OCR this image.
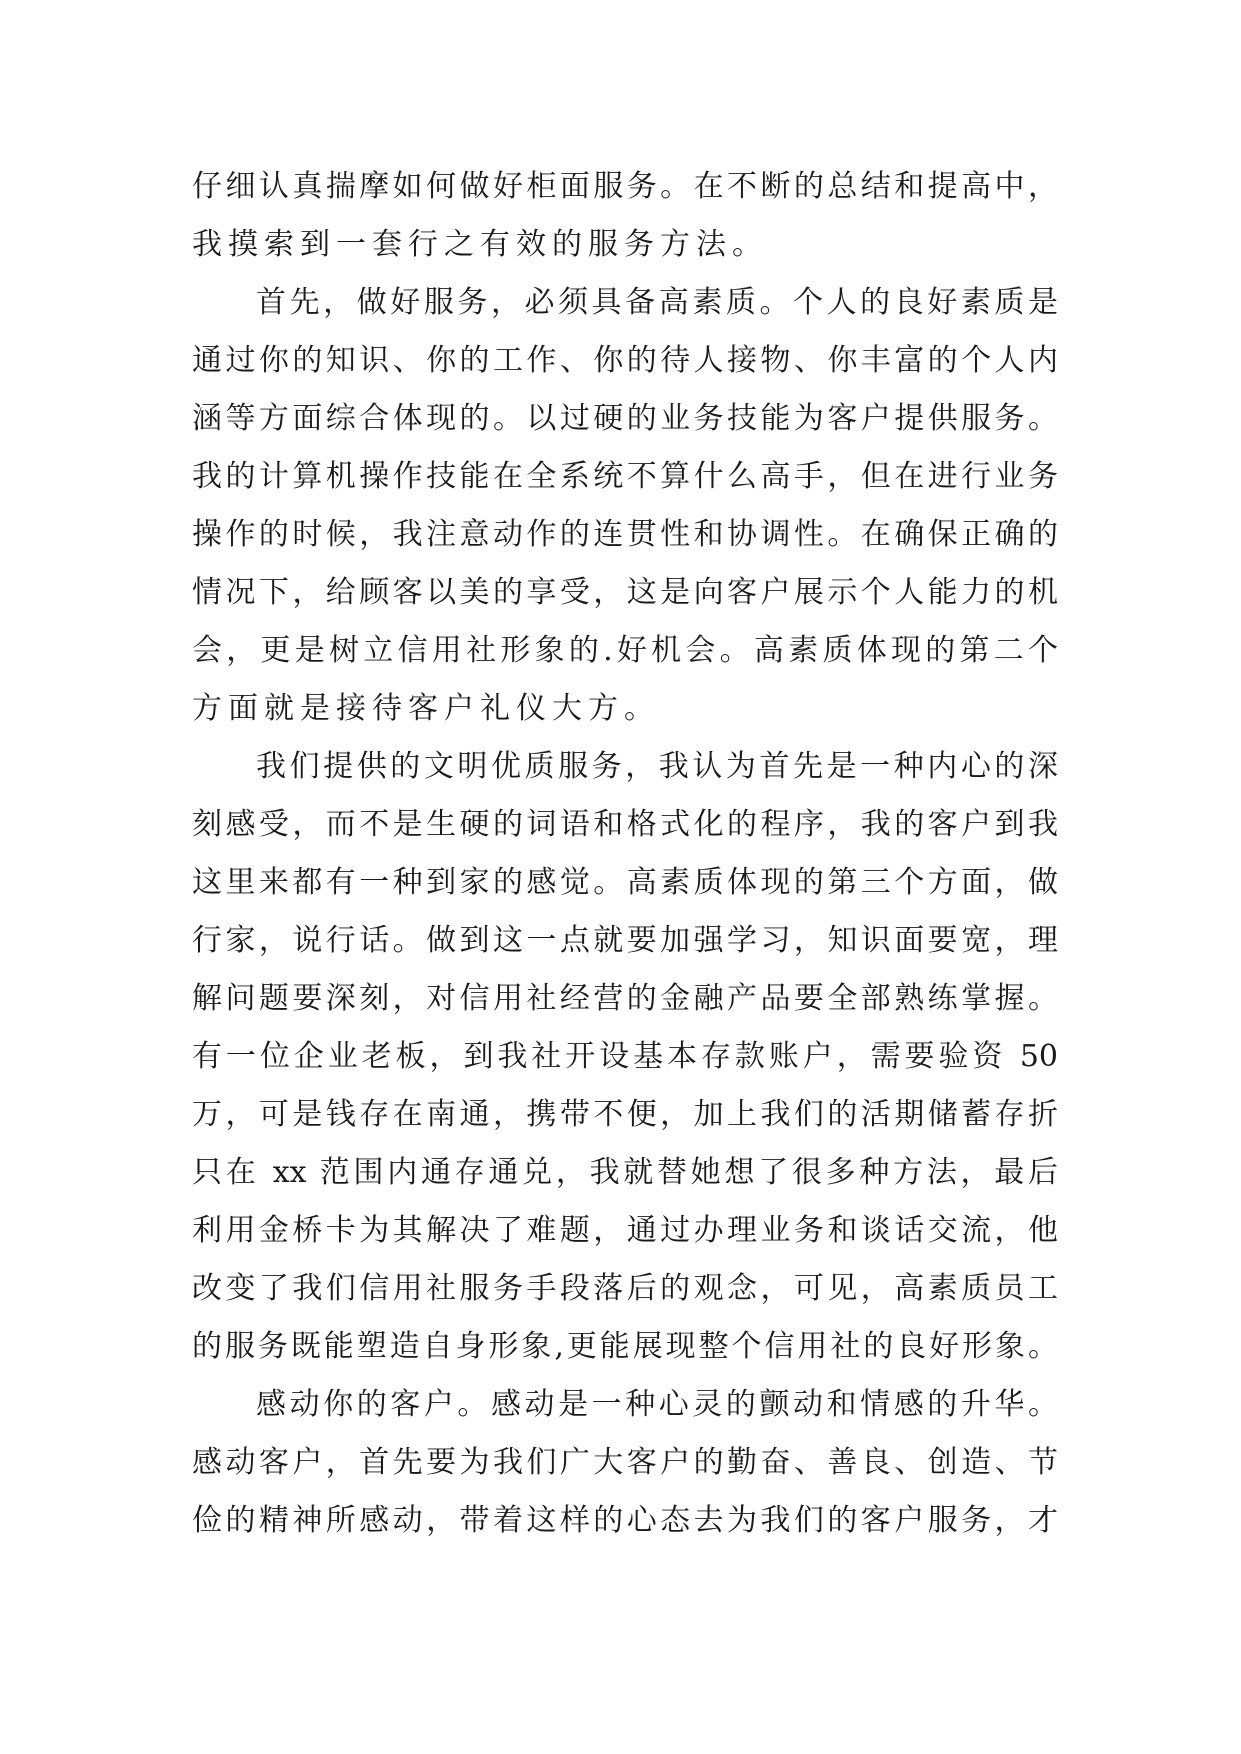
仔细认真揣摩如何做好柜面服务。在不断的总结和提高中，
我摸索到一套行之有效的服务方法。
首先，做好服务，必须具备高素质。个人的良好素质是
通过你的知识、你的工作、你的待人接物、你丰富的个人内
涵等方面综合体现的。以过硬的业务技能为客户提供服务。
我的计算机操作技能在全系统不算什么高手，但在进行业务
操作的时候，我注意动作的连贯性和协调性。在确保正确的
情况下，给顾客以美的享受，这是向客户展示个人能力的机
会，更是树立信用社形象的.好机会。高素质体现的第二个
方面就是接待客户礼仪大方。
我们提供的文明优质服务，我认为首先是一种内心的深
刻感受，而不是生硬的词语和格式化的程序，我的客户到我
这里来都有一种到家的感觉。高素质体现的第三个方面，做
行家，说行话。做到这一点就要加强学习，知识面要宽，理
解问题要深刻，对信用社经营的金融产品要全部熟练掌握。
有一位企业老板，到我社开设基本存款账户，需要验资 50
万，可是钱存在南通，携带不便，加上我们的活期储蓄存折
只在 xx 范围内通存通兑，我就替她想了很多种方法，最后
利用金桥卡为其解决了难题，通过办理业务和谈话交流，他
改变了我们信用社服务手段落后的观念，可见，高素质员工
的服务既能塑造自身形象,更能展现整个信用社的良好形象。
感动你的客户。感动是一种心灵的颤动和情感的升华。
感动客户，首先要为我们广大客户的勤奋、善良、创造、节
俭的精神所感动，带着这样的心态去为我们的客户服务，才
